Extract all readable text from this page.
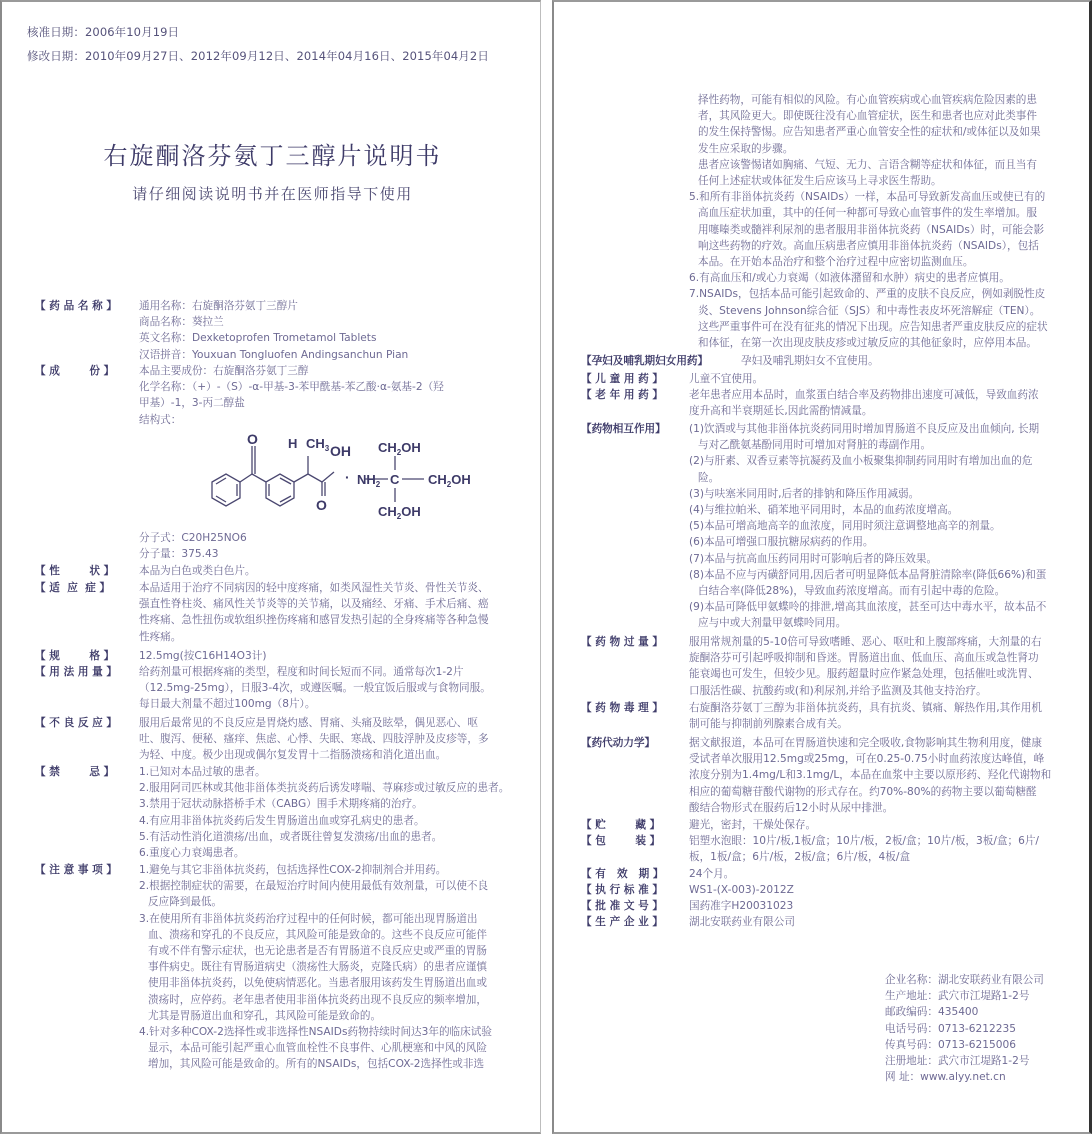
核准日期：2006年10月19日
修改日期：2010年09月27日、2012年09月12日、2014年04月16日、2015年04月2日
右旋酮洛芬氨丁三醇片说明书
请仔细阅读说明书并在医师指导下使用
【 药 品 名 称 】 通用名称：右旋酮洛芬氨丁三醇片
商品名称：葵拉兰
英文名称：Dexketoprofen Trometamol Tablets
汉语拼音：Youxuan Tongluofen Andingsanchun Pian
【 成        份 】 本品主要成份：右旋酮洛芬氨丁三醇
化学名称：（+）-（S）-α-甲基-3-苯甲酰基-苯乙酸·α-氨基-2（羟
甲基）-1，3-丙二醇盐
结构式：
O H $CH_3$ OH
O
·
$CH_2OH$
$NH_2$ C $CH_2OH$
$CH_2OH$
分子式：C20H25NO6
分子量：375.43
【 性        状 】 本品为白色或类白色片。
【 适  应  症 】	本品适用于治疗不同病因的轻中度疼痛，如类风湿性关节炎、骨性关节炎、
强直性脊柱炎、痛风性关节炎等的关节痛，以及痛经、牙痛、手术后痛、癌
性疼痛、急性扭伤或软组织挫伤疼痛和感冒发热引起的全身疼痛等各种急慢
性疼痛。
【 规        格 】 12.5mg(按C16H14O3计)
【 用 法 用 量 】 给药剂量可根据疼痛的类型，程度和时间长短而不同。通常每次1-2片
（12.5mg-25mg），日服3-4次，或遵医嘱。一般宜饭后服或与食物同服。
每日最大剂量不超过100mg（8片）。
【 不 良 反 应 】 服用后最常见的不良反应是胃烧灼感、胃痛、头痛及眩晕，偶见恶心、呕
吐、腹泻、便秘、瘙痒、焦虑、心悸、失眠、寒战、四肢浮肿及皮疹等，多
为轻、中度。极少出现或偶尔复发胃十二指肠溃疡和消化道出血。
【 禁        忌 】 1.已知对本品过敏的患者。
2.服用阿司匹林或其他非甾体类抗炎药后诱发哮喘、荨麻疹或过敏反应的患者。
3.禁用于冠状动脉搭桥手术（CABG）围手术期疼痛的治疗。
4.有应用非甾体抗炎药后发生胃肠道出血或穿孔病史的患者。
5.有活动性消化道溃疡/出血，或者既往曾复发溃疡/出血的患者。
6.重度心力衰竭患者。
【 注 意 事 项 】 1.避免与其它非甾体抗炎药，包括选择性COX-2抑制剂合并用药。
2.根据控制症状的需要，在最短治疗时间内使用最低有效剂量，可以使不良
反应降到最低。
3.在使用所有非甾体抗炎药治疗过程中的任何时候，都可能出现胃肠道出
血、溃疡和穿孔的不良反应，其风险可能是致命的。这些不良反应可能伴
有或不伴有警示症状，也无论患者是否有胃肠道不良反应史或严重的胃肠
事件病史。既往有胃肠道病史（溃疡性大肠炎，克隆氏病）的患者应谨慎
使用非甾体抗炎药，以免使病情恶化。当患者服用该药发生胃肠道出血或
溃疡时，应停药。老年患者使用非甾体抗炎药出现不良反应的频率增加，
尤其是胃肠道出血和穿孔，其风险可能是致命的。
4.针对多种COX-2选择性或非选择性NSAIDs药物持续时间达3年的临床试验
显示，本品可能引起严重心血管血栓性不良事件、心肌梗塞和中风的风险
增加，其风险可能是致命的。所有的NSAIDs，包括COX-2选择性或非选
择性药物，可能有相似的风险。有心血管疾病或心血管疾病危险因素的患
者，其风险更大。即使既往没有心血管症状，医生和患者也应对此类事件
的发生保持警惕。应告知患者严重心血管安全性的症状和/或体征以及如果
发生应采取的步骤。
患者应该警惕诸如胸痛、气短、无力、言语含糊等症状和体征，而且当有
任何上述症状或体征发生后应该马上寻求医生帮助。
5.和所有非甾体抗炎药（NSAIDs）一样，本品可导致新发高血压或使已有的
高血压症状加重，其中的任何一种都可导致心血管事件的发生率增加。服
用噻嗪类或髓袢利尿剂的患者服用非甾体抗炎药（NSAIDs）时，可能会影
响这些药物的疗效。高血压病患者应慎用非甾体抗炎药（NSAIDs），包括
本品。在开始本品治疗和整个治疗过程中应密切监测血压。
6.有高血压和/或心力衰竭（如液体潴留和水肿）病史的患者应慎用。
7.NSAIDs，包括本品可能引起致命的、严重的皮肤不良反应，例如剥脱性皮
炎、Stevens Johnson综合征（SJS）和中毒性表皮坏死溶解症（TEN）。
这些严重事件可在没有征兆的情况下出现。应告知患者严重皮肤反应的症状
和体征，在第一次出现皮肤皮疹或过敏反应的其他征象时，应停用本品。
【孕妇及哺乳期妇女用药】	孕妇及哺乳期妇女不宜使用。
【 儿 童 用 药 】 儿童不宜使用。
【 老 年 用 药 】 老年患者应用本品时，血浆蛋白结合率及药物排出速度可减低，导致血药浓
度升高和半衰期延长,因此需酌情减量。
【药物相互作用】 (1)饮酒或与其他非甾体抗炎药同用时增加胃肠道不良反应及出血倾向, 长期
与对乙酰氨基酚同用时可增加对肾脏的毒副作用。
(2)与肝素、双香豆素等抗凝药及血小板聚集抑制药同用时有增加出血的危
险。
(3)与呋塞米同用时,后者的排钠和降压作用减弱。
(4)与维拉帕米、硝苯地平同用时，本品的血药浓度增高。
(5)本品可增高地高辛的血浓度，同用时须注意调整地高辛的剂量。
(6)本品可增强口服抗糖尿病药的作用。
(7)本品与抗高血压药同用时可影响后者的降压效果。
(8)本品不应与丙磺舒同用,因后者可明显降低本品肾脏清除率(降低66%)和蛋
白结合率(降低28%)，导致血药浓度增高。而有引起中毒的危险。
(9)本品可降低甲氨蝶呤的排泄,增高其血浓度，甚至可达中毒水平，故本品不
应与中或大剂量甲氨蝶呤同用。
【 药 物 过 量 】 服用常规剂量的5-10倍可导致嗜睡、恶心、呕吐和上腹部疼痛，大剂量的右
旋酮洛芬可引起呼吸抑制和昏迷。胃肠道出血、低血压、高血压或急性肾功
能衰竭也可发生，但较少见。服药超量时应作紧急处理，包括催吐或洗胃、
口服活性碳、抗酸药或(和)利尿剂,并给予监测及其他支持治疗。
【 药 物 毒 理 】 右旋酮洛芬氨丁三醇为非甾体抗炎药，具有抗炎、镇痛、解热作用,其作用机
制可能与抑制前列腺素合成有关。
【药代动力学】	据文献报道，本品可在胃肠道快速和完全吸收,食物影响其生物利用度，健康
受试者单次服用12.5mg或25mg，可在0.25-0.75小时血药浓度达峰值，峰
浓度分别为1.4mg/L和3.1mg/L，本品在血浆中主要以原形药、羟化代谢物和
相应的葡萄糖苷酸代谢物的形式存在。约70%-80%的药物主要以葡萄糖醛
酸结合物形式在服药后12小时从尿中排泄。
【 贮        藏 】	避光，密封，干燥处保存。
【 包        装 】	铝塑水泡眼：10片/板,1板/盒；10片/板，2板/盒；10片/板，3板/盒；6片/
板，1板/盒；6片/板，2板/盒；6片/板，4板/盒
【 有   效   期 】 24个月。
【 执 行 标 准 】 WS1-(X-003)-2012Z
【 批 准 文 号 】 国药准字H20031023
【 生 产 企 业 】 湖北安联药业有限公司
企业名称：湖北安联药业有限公司
生产地址：武穴市江堤路1-2号
邮政编码：435400
电话号码：0713-6212235
传真号码：0713-6215006
注册地址：武穴市江堤路1-2号
网 址：www.alyy.net.cn
